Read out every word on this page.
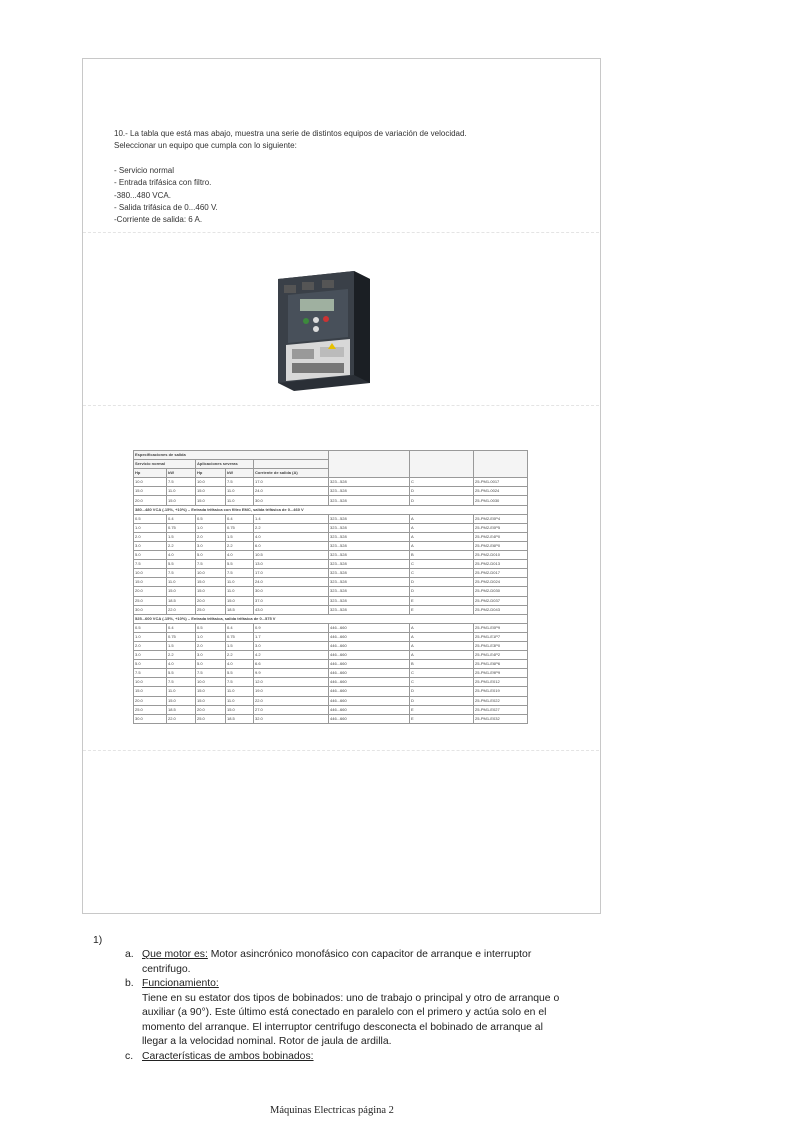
10.- La tabla que está mas abajo, muestra una serie de distintos equipos de variación de velocidad.
Seleccionar un equipo que cumpla con lo siguiente:
- Servicio normal
- Entrada trifásica con filtro.
-380...480 VCA.
- Salida trifásica de 0...460 V.
-Corriente de salida: 6 A.
Especificaciones de salida								
Servicio normal		Aplicaciones severas						
Hp	kW	Hp	kW	Corriente de salida (A)			
10.0	7.5	10.0	7.5	17.0	323...528	C	25-PM1-0017	
15.0	11.0	15.0	11.0	24.0	323...528	D	25-PM1-0024	
20.0	15.0	15.0	11.0	30.0	323...528	D	25-PM1-0030	
380...480 VCA (-15%, +10%) – Entrada trifásica con filtro EMC, salida trifásica de 0...460 V								
0.5	0.4	0.5	0.4	1.4	323...528	A	25-PM2-E0P4	
1.0	0.75	1.0	0.75	2.2	323...528	A	25-PM2-E0P5	
2.0	1.5	2.0	1.5	4.0	323...528	A	25-PM2-E4P0	
3.0	2.2	3.0	2.2	6.0	323...528	A	25-PM2-E6P0	
5.0	4.0	5.0	4.0	10.5	323...528	B	25-PM2-D010	
7.5	5.5	7.5	5.5	13.0	323...528	C	25-PM2-D013	
10.0	7.5	10.0	7.5	17.0	323...528	C	25-PM2-D017	
15.0	11.0	15.0	11.0	24.0	323...528	D	25-PM2-D024	
20.0	15.0	15.0	11.0	30.0	323...528	D	25-PM2-D030	
25.0	18.5	20.0	15.0	37.0	323...528	E	25-PM2-D037	
30.0	22.0	25.0	18.5	43.0	323...528	E	25-PM2-D043	
525...600 VCA (-15%, +10%) – Entrada trifásica, salida trifásica de 0...575 V								
0.5	0.4	0.5	0.4	0.9	446...660	A	25-PM1-E0P9	
1.0	0.75	1.0	0.75	1.7	446...660	A	25-PM1-E1P7	
2.0	1.5	2.0	1.5	3.0	446...660	A	25-PM1-E3P0	
3.0	2.2	3.0	2.2	4.2	446...660	A	25-PM1-E4P2	
5.0	4.0	5.0	4.0	6.6	446...660	B	25-PM1-E6P6	
7.5	5.5	7.5	5.5	9.9	446...660	C	25-PM1-E9P9	
10.0	7.5	10.0	7.5	12.0	446...660	C	25-PM1-E012	
15.0	11.0	15.0	11.0	19.0	446...660	D	25-PM1-E019	
20.0	15.0	15.0	11.0	22.0	446...660	D	25-PM1-E022	
25.0	18.5	20.0	15.0	27.0	446...660	E	25-PM1-E027	
30.0	22.0	25.0	18.5	32.0	446...660	E	25-PM1-E032	
1)
a. Que motor es: Motor asincrónico monofásico con capacitor de arranque e interruptor
centrifugo.
b. Funcionamiento:
Tiene en su estator dos tipos de bobinados: uno de trabajo o principal y otro de arranque o
auxiliar (a 90°). Este último está conectado en paralelo con el primero y actúa solo en el
momento del arranque. El interruptor centrifugo desconecta el bobinado de arranque al
llegar a la velocidad nominal. Rotor de jaula de ardilla.
c. Características de ambos bobinados:
Máquinas Electricas página 2
